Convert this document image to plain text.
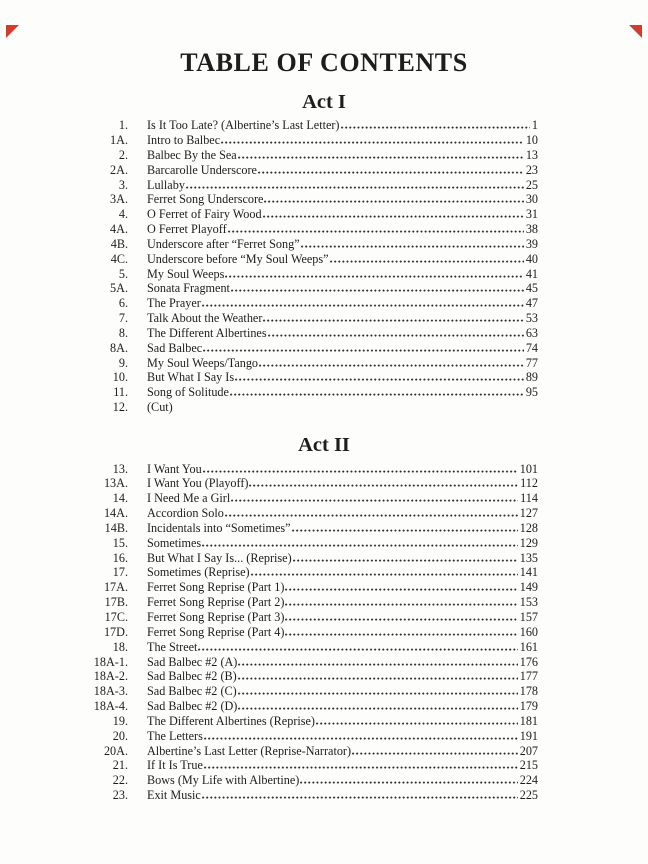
TABLE OF CONTENTS
Act I
1. Is It Too Late? (Albertine’s Last Letter)	1
1A. Intro to Balbec	10
2. Balbec By the Sea	13
2A. Barcarolle Underscore	23
3. Lullaby	25
3A. Ferret Song Underscore	30
4. O Ferret of Fairy Wood	31
4A. O Ferret Playoff	38
4B. Underscore after “Ferret Song”	39
4C. Underscore before “My Soul Weeps”	40
5. My Soul Weeps	41
5A. Sonata Fragment	45
6. The Prayer	47
7. Talk About the Weather	53
8. The Different Albertines	63
8A. Sad Balbec	74
9. My Soul Weeps/Tango	77
10. But What I Say Is	89
11. Song of Solitude	95
12. (Cut)
Act II
13. I Want You	101
13A. I Want You (Playoff)	112
14. I Need Me a Girl	114
14A. Accordion Solo	127
14B. Incidentals into “Sometimes”	128
15. Sometimes	129
16. But What I Say Is... (Reprise)	135
17. Sometimes (Reprise)	141
17A. Ferret Song Reprise (Part 1)	149
17B. Ferret Song Reprise (Part 2)	153
17C. Ferret Song Reprise (Part 3)	157
17D. Ferret Song Reprise (Part 4)	160
18. The Street	161
18A-1. Sad Balbec #2 (A)	176
18A-2. Sad Balbec #2 (B)	177
18A-3. Sad Balbec #2 (C)	178
18A-4. Sad Balbec #2 (D)	179
19. The Different Albertines (Reprise)	181
20. The Letters	191
20A. Albertine’s Last Letter (Reprise-Narrator)	207
21. If It Is True	215
22. Bows (My Life with Albertine)	224
23. Exit Music	225
